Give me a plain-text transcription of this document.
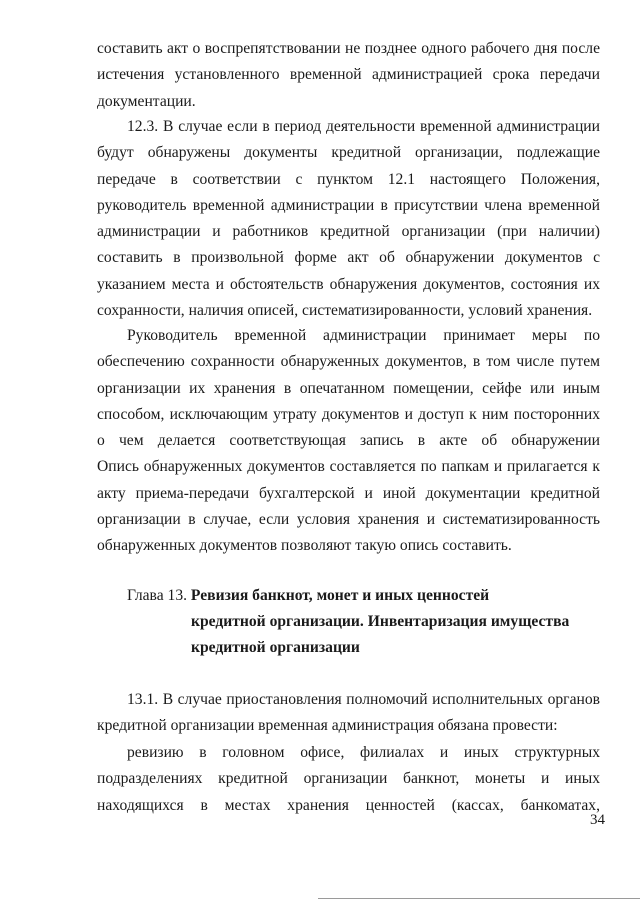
составить акт о воспрепятствовании не позднее одного рабочего дня после
истечения установленного временной администрацией срока передачи
документации.
12.3. В случае если в период деятельности временной администрации
будут обнаружены документы кредитной организации, подлежащие
передаче в соответствии с пунктом 12.1 настоящего Положения,
руководитель временной администрации в присутствии члена временной
администрации и работников кредитной организации (при наличии)
составить в произвольной форме акт об обнаружении документов с
указанием места и обстоятельств обнаружения документов, состояния их
сохранности, наличия описей, систематизированности, условий хранения.
Руководитель временной администрации принимает меры по
обеспечению сохранности обнаруженных документов, в том числе путем
организации их хранения в опечатанном помещении, сейфе или иным
способом, исключающим утрату документов и доступ к ним посторонних
о чем делается соответствующая запись в акте об обнаружении
Опись обнаруженных документов составляется по папкам и прилагается к
акту приема-передачи бухгалтерской и иной документации кредитной
организации в случае, если условия хранения и систематизированность
обнаруженных документов позволяют такую опись составить.
Глава 13. Ревизия банкнот, монет и иных ценностей
кредитной организации. Инвентаризация имущества
кредитной организации
13.1. В случае приостановления полномочий исполнительных органов
кредитной организации временная администрация обязана провести:
ревизию в головном офисе, филиалах и иных структурных
подразделениях кредитной организации банкнот, монеты и иных
находящихся в местах хранения ценностей (кассах, банкоматах,
34
